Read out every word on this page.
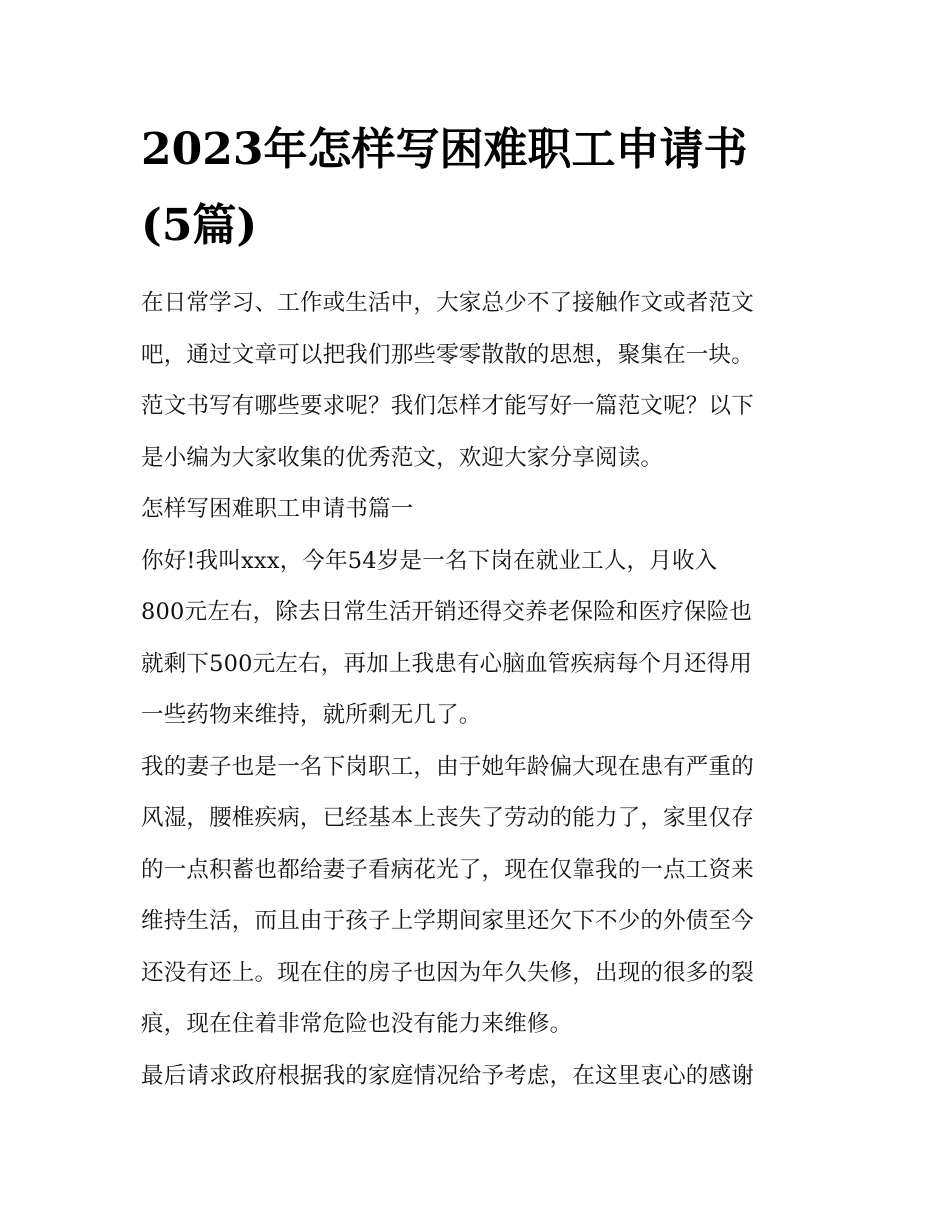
2023年怎样写困难职工申请书
(5篇)

在日常学习、工作或生活中，大家总少不了接触作文或者范文
吧，通过文章可以把我们那些零零散散的思想，聚集在一块。
范文书写有哪些要求呢？我们怎样才能写好一篇范文呢？以下
是小编为大家收集的优秀范文，欢迎大家分享阅读。

怎样写困难职工申请书篇一

你好!我叫xxx，今年54岁是一名下岗在就业工人，月收入
800元左右，除去日常生活开销还得交养老保险和医疗保险也
就剩下500元左右，再加上我患有心脑血管疾病每个月还得用
一些药物来维持，就所剩无几了。

我的妻子也是一名下岗职工，由于她年龄偏大现在患有严重的
风湿，腰椎疾病，已经基本上丧失了劳动的能力了，家里仅存
的一点积蓄也都给妻子看病花光了，现在仅靠我的一点工资来
维持生活，而且由于孩子上学期间家里还欠下不少的外债至今
还没有还上。现在住的房子也因为年久失修，出现的很多的裂
痕，现在住着非常危险也没有能力来维修。

最后请求政府根据我的家庭情况给予考虑，在这里衷心的感谢
